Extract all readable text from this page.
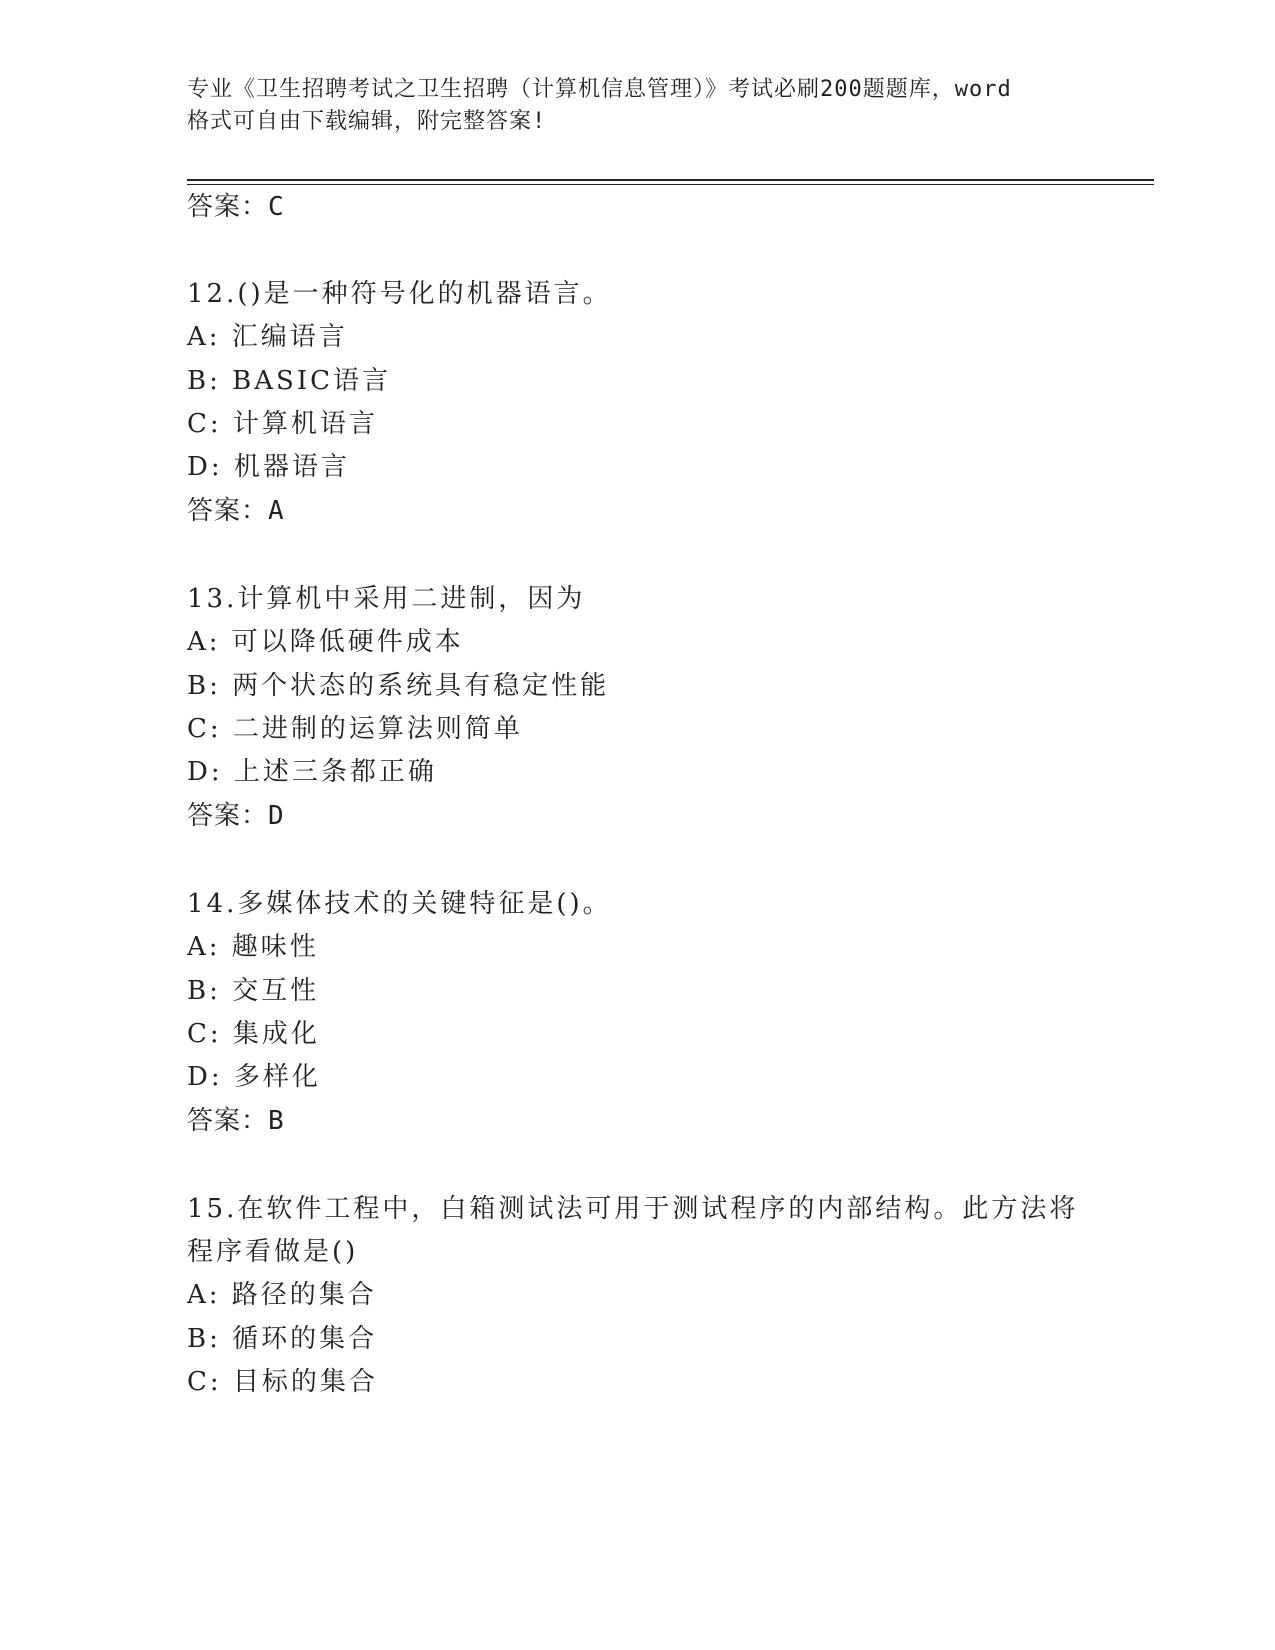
专业《卫生招聘考试之卫生招聘（计算机信息管理）》考试必刷200题题库，word
格式可自由下载编辑，附完整答案!
答案：C
12.()是一种符号化的机器语言。
A: 汇编语言
B: BASIC语言
C: 计算机语言
D: 机器语言
答案：A
13.计算机中采用二进制，因为
A: 可以降低硬件成本
B: 两个状态的系统具有稳定性能
C: 二进制的运算法则简单
D: 上述三条都正确
答案：D
14.多媒体技术的关键特征是()。
A: 趣味性
B: 交互性
C: 集成化
D: 多样化
答案：B
15.在软件工程中，白箱测试法可用于测试程序的内部结构。此方法将
程序看做是()
A: 路径的集合
B: 循环的集合
C: 目标的集合
